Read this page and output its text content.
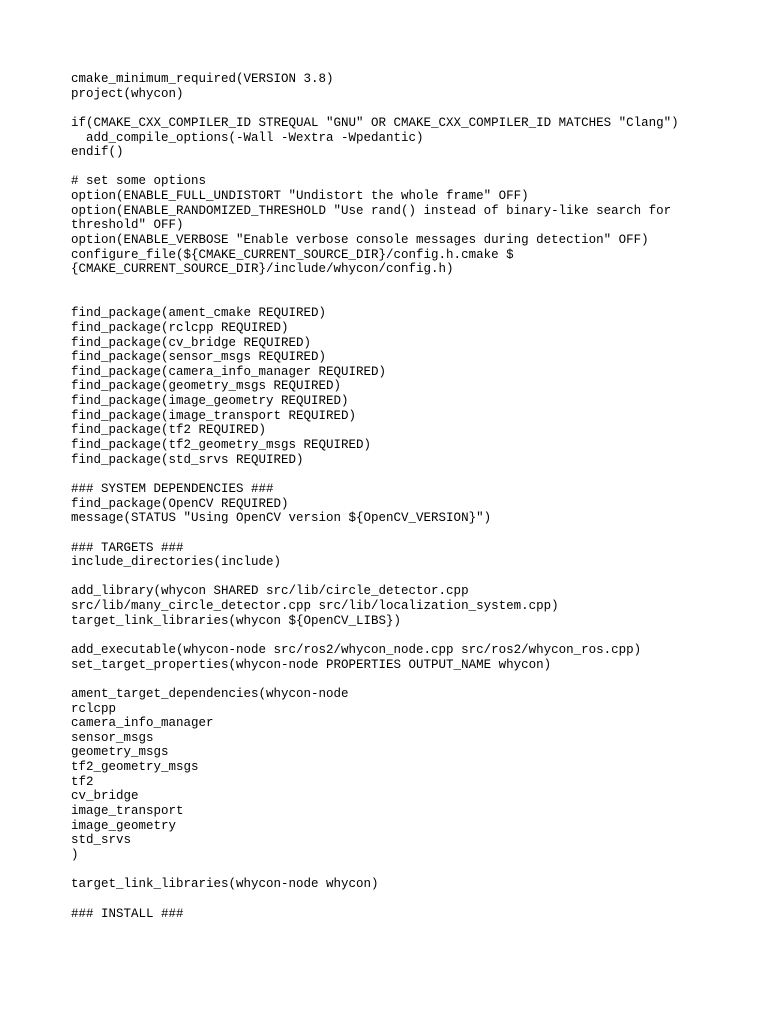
cmake_minimum_required(VERSION 3.8)
project(whycon)
if(CMAKE_CXX_COMPILER_ID STREQUAL "GNU" OR CMAKE_CXX_COMPILER_ID MATCHES "Clang")
add_compile_options(-Wall -Wextra -Wpedantic)
endif()
# set some options
option(ENABLE_FULL_UNDISTORT "Undistort the whole frame" OFF)
option(ENABLE_RANDOMIZED_THRESHOLD "Use rand() instead of binary-like search for
threshold" OFF)
option(ENABLE_VERBOSE "Enable verbose console messages during detection" OFF)
configure_file(${CMAKE_CURRENT_SOURCE_DIR}/config.h.cmake $
{CMAKE_CURRENT_SOURCE_DIR}/include/whycon/config.h)
find_package(ament_cmake REQUIRED)
find_package(rclcpp REQUIRED)
find_package(cv_bridge REQUIRED)
find_package(sensor_msgs REQUIRED)
find_package(camera_info_manager REQUIRED)
find_package(geometry_msgs REQUIRED)
find_package(image_geometry REQUIRED)
find_package(image_transport REQUIRED)
find_package(tf2 REQUIRED)
find_package(tf2_geometry_msgs REQUIRED)
find_package(std_srvs REQUIRED)
### SYSTEM DEPENDENCIES ###
find_package(OpenCV REQUIRED)
message(STATUS "Using OpenCV version ${OpenCV_VERSION}")
### TARGETS ###
include_directories(include)
add_library(whycon SHARED src/lib/circle_detector.cpp
src/lib/many_circle_detector.cpp src/lib/localization_system.cpp)
target_link_libraries(whycon ${OpenCV_LIBS})
add_executable(whycon-node src/ros2/whycon_node.cpp src/ros2/whycon_ros.cpp)
set_target_properties(whycon-node PROPERTIES OUTPUT_NAME whycon)
ament_target_dependencies(whycon-node
rclcpp
camera_info_manager
sensor_msgs
geometry_msgs
tf2_geometry_msgs
tf2
cv_bridge
image_transport
image_geometry
std_srvs
)
target_link_libraries(whycon-node whycon)
### INSTALL ###
